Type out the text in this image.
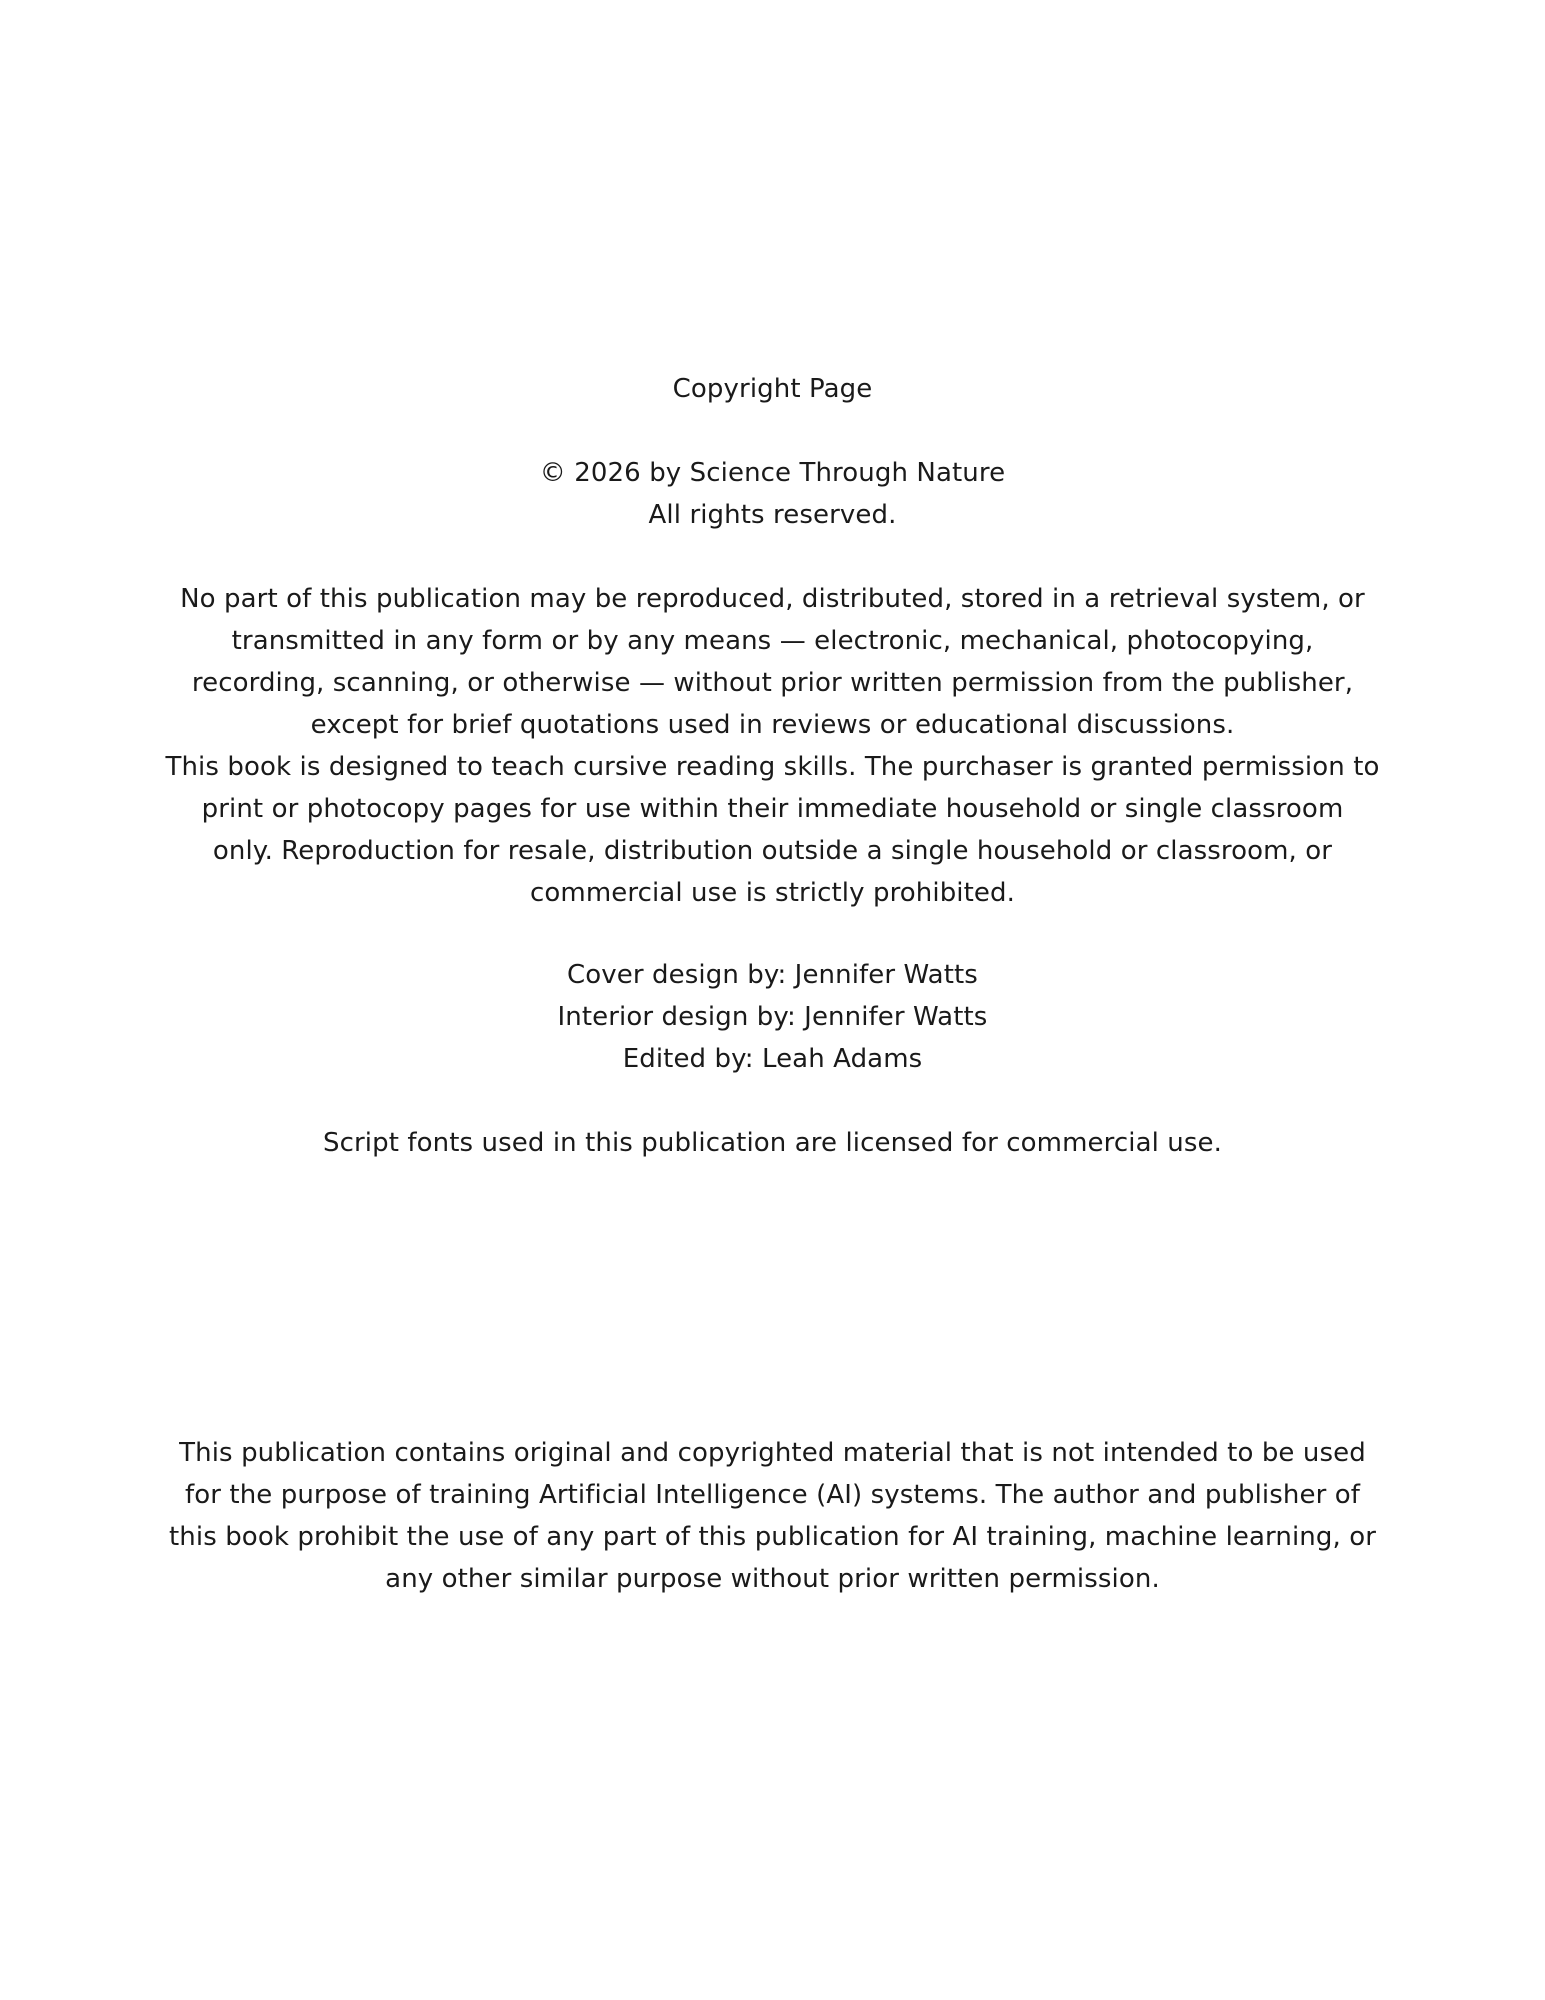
Copyright Page

© 2026 by Science Through Nature

All rights reserved.

No part of this publication may be reproduced, distributed, stored in a retrieval system, or

transmitted in any form or by any means — electronic, mechanical, photocopying,

recording, scanning, or otherwise — without prior written permission from the publisher,

except for brief quotations used in reviews or educational discussions.

This book is designed to teach cursive reading skills. The purchaser is granted permission to

print or photocopy pages for use within their immediate household or single classroom

only. Reproduction for resale, distribution outside a single household or classroom, or

commercial use is strictly prohibited.

Cover design by: Jennifer Watts

Interior design by: Jennifer Watts

Edited by: Leah Adams

Script fonts used in this publication are licensed for commercial use.

This publication contains original and copyrighted material that is not intended to be used

for the purpose of training Artificial Intelligence (AI) systems. The author and publisher of

this book prohibit the use of any part of this publication for AI training, machine learning, or

any other similar purpose without prior written permission.
